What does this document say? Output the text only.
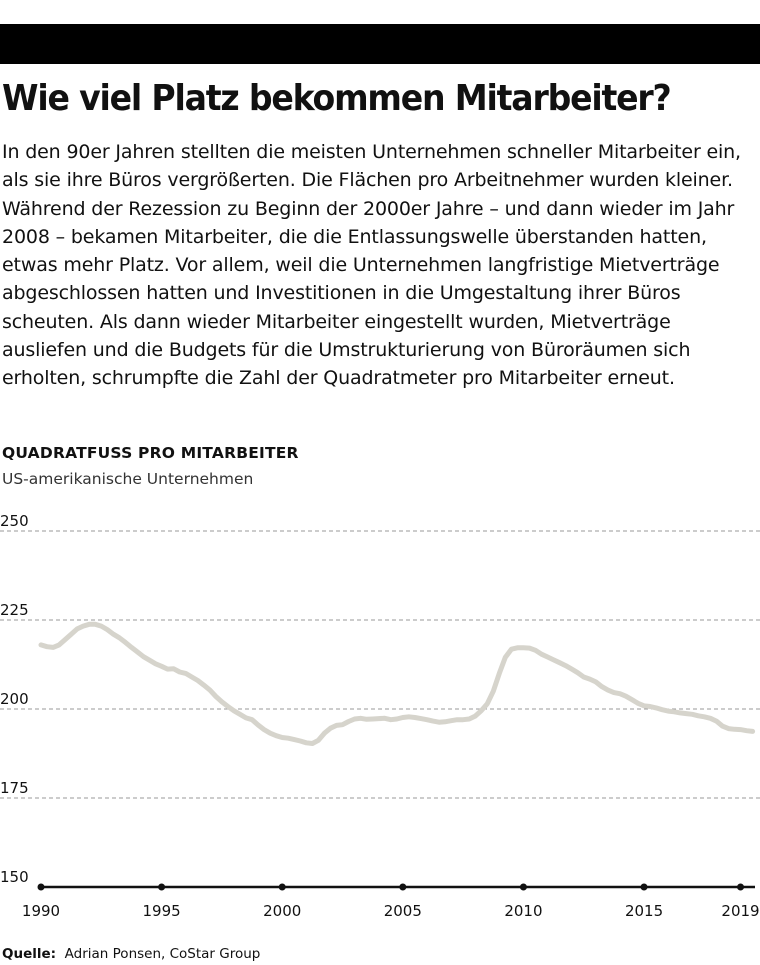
Wie viel Platz bekommen Mitarbeiter?

In den 90er Jahren stellten die meisten Unternehmen schneller Mitarbeiter ein, als sie ihre Büros vergrößerten. Die Flächen pro Arbeitnehmer wurden kleiner. Während der Rezession zu Beginn der 2000er Jahre – und dann wieder im Jahr 2008 – bekamen Mitarbeiter, die die Entlassungswelle überstanden hatten, etwas mehr Platz. Vor allem, weil die Unternehmen langfristige Mietverträge abgeschlossen hatten und Investitionen in die Umgestaltung ihrer Büros scheuten. Als dann wieder Mitarbeiter eingestellt wurden, Mietverträge ausliefen und die Budgets für die Umstrukturierung von Büroräumen sich erholten, schrumpfte die Zahl der Quadratmeter pro Mitarbeiter erneut.

QUADRATFUSS PRO MITARBEITER

US-amerikanische Unternehmen

150
175
200
225
250
1990	1995	2000	2005	2010	2015	2019

Quelle: Adrian Ponsen, CoStar Group
